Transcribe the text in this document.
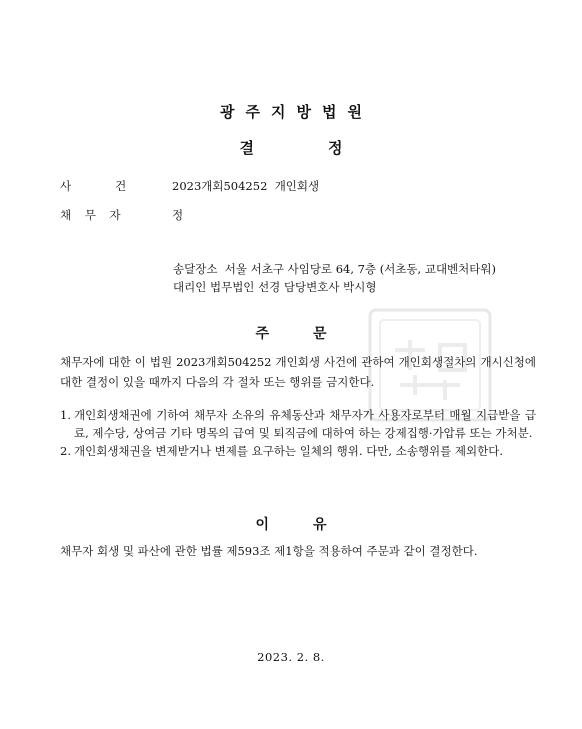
광주지방법원
결	정
사	건	2023개회504252  개인회생
채 무 자	정
송달장소  서울 서초구 사임당로 64, 7층 (서초동, 교대벤처타워)
대리인 법무법인 선경 담당변호사 박시형
주	문
채무자에 대한 이 법원 2023개회504252 개인회생 사건에 관하여 개인회생절차의 개시신청에 대한 결정이 있을 때까지 다음의 각 절차 또는 행위를 금지한다.
1. 개인회생채권에 기하여 채무자 소유의 유체동산과 채무자가 사용자로부터 매월 지급받을 급료, 제수당, 상여금 기타 명목의 급여 및 퇴직금에 대하여 하는 강제집행·가압류 또는 가처분.
2. 개인회생채권을 변제받거나 변제를 요구하는 일체의 행위. 다만, 소송행위를 제외한다.
이	유
채무자 회생 및 파산에 관한 법률 제593조 제1항을 적용하여 주문과 같이 결정한다.
2023. 2. 8.
